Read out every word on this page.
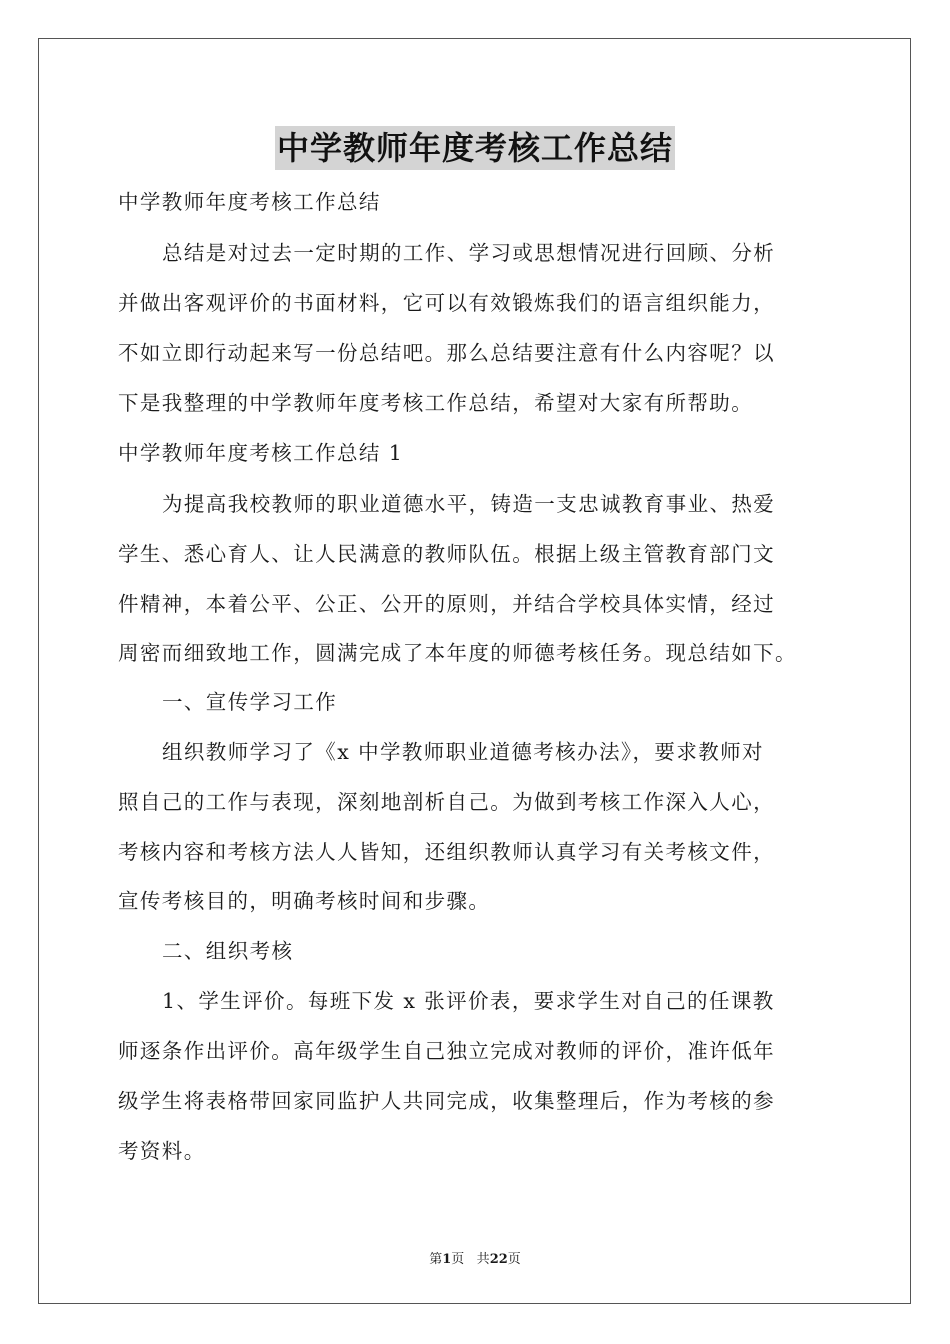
中学教师年度考核工作总结
中学教师年度考核工作总结
总结是对过去一定时期的工作、学习或思想情况进行回顾、分析
并做出客观评价的书面材料，它可以有效锻炼我们的语言组织能力，
不如立即行动起来写一份总结吧。那么总结要注意有什么内容呢？以
下是我整理的中学教师年度考核工作总结，希望对大家有所帮助。
中学教师年度考核工作总结 1
为提高我校教师的职业道德水平，铸造一支忠诚教育事业、热爱
学生、悉心育人、让人民满意的教师队伍。根据上级主管教育部门文
件精神，本着公平、公正、公开的原则，并结合学校具体实情，经过
周密而细致地工作，圆满完成了本年度的师德考核任务。现总结如下。
一、宣传学习工作
组织教师学习了《x 中学教师职业道德考核办法》，要求教师对
照自己的工作与表现，深刻地剖析自己。为做到考核工作深入人心，
考核内容和考核方法人人皆知，还组织教师认真学习有关考核文件，
宣传考核目的，明确考核时间和步骤。
二、组织考核
1、学生评价。每班下发 x 张评价表，要求学生对自己的任课教
师逐条作出评价。高年级学生自己独立完成对教师的评价，准许低年
级学生将表格带回家同监护人共同完成，收集整理后，作为考核的参
考资料。
第1页 共22页
